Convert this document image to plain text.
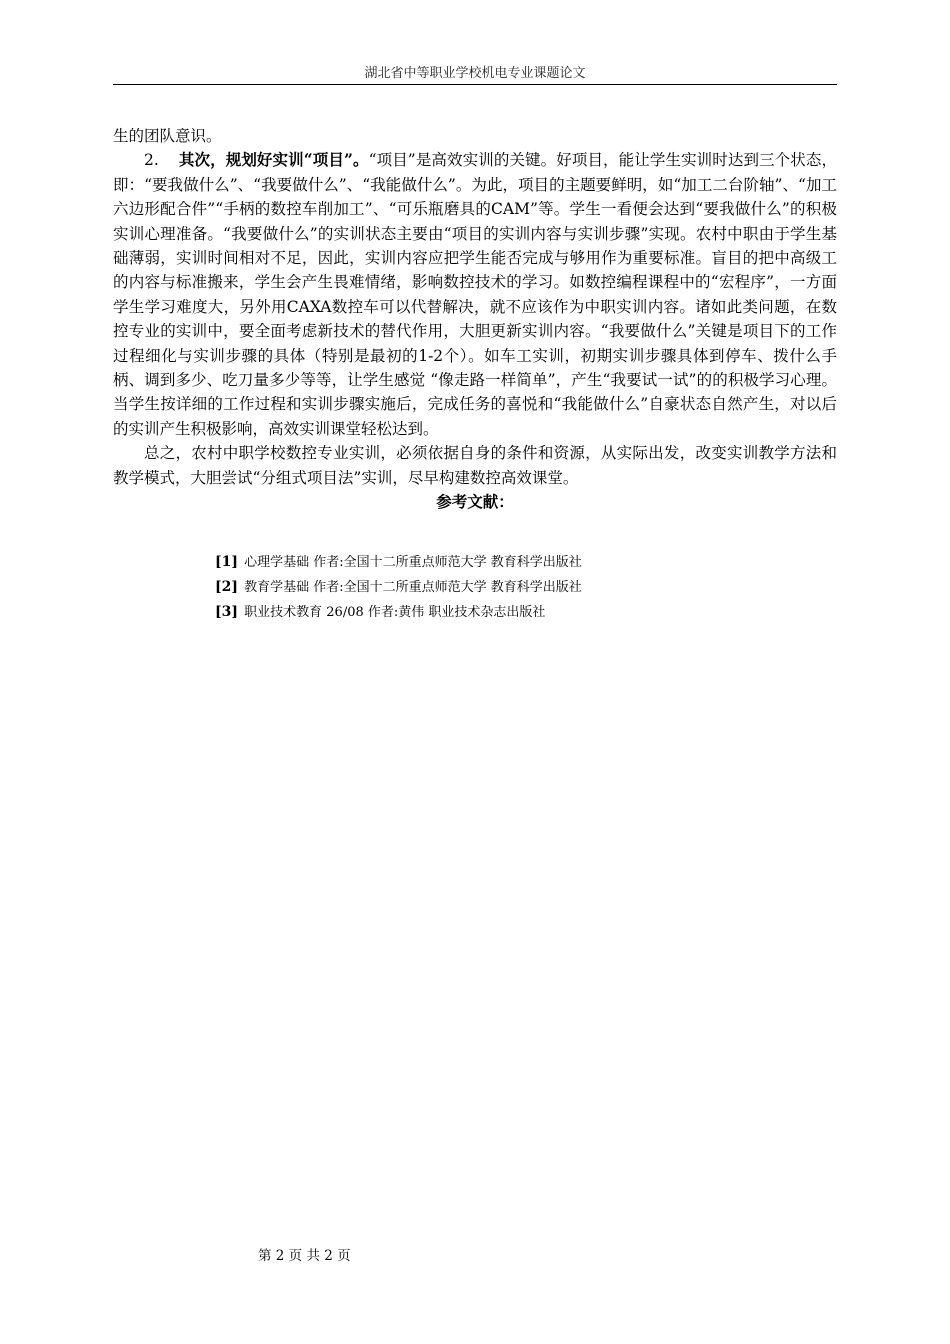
湖北省中等职业学校机电专业课题论文

生的团队意识。

2. 其次，规划好实训“项目”。“项目”是高效实训的关键。好项目，能让学生实训时达到三个状态，即：“要我做什么”、“我要做什么”、“我能做什么”。为此，项目的主题要鲜明，如“加工二台阶轴”、“加工六边形配合件”“手柄的数控车削加工”、“可乐瓶磨具的CAM”等。学生一看便会达到“要我做什么”的积极实训心理准备。“我要做什么”的实训状态主要由“项目的实训内容与实训步骤”实现。农村中职由于学生基础薄弱，实训时间相对不足，因此，实训内容应把学生能否完成与够用作为重要标准。盲目的把中高级工的内容与标准搬来，学生会产生畏难情绪，影响数控技术的学习。如数控编程课程中的“宏程序”，一方面学生学习难度大，另外用CAXA数控车可以代替解决，就不应该作为中职实训内容。诸如此类问题，在数控专业的实训中，要全面考虑新技术的替代作用，大胆更新实训内容。“我要做什么”关键是项目下的工作过程细化与实训步骤的具体（特别是最初的1-2个）。如车工实训，初期实训步骤具体到停车、拨什么手柄、调到多少、吃刀量多少等等，让学生感觉 “像走路一样简单”，产生“我要试一试”的的积极学习心理。当学生按详细的工作过程和实训步骤实施后，完成任务的喜悦和“我能做什么”自豪状态自然产生，对以后的实训产生积极影响，高效实训课堂轻松达到。

总之，农村中职学校数控专业实训，必须依据自身的条件和资源，从实际出发，改变实训教学方法和教学模式，大胆尝试“分组式项目法”实训，尽早构建数控高效课堂。

参考文献：

[1] 心理学基础 作者:全国十二所重点师范大学 教育科学出版社
[2] 教育学基础 作者:全国十二所重点师范大学 教育科学出版社
[3] 职业技术教育 26/08 作者:黄伟 职业技术杂志出版社
第 2 页 共 2 页
